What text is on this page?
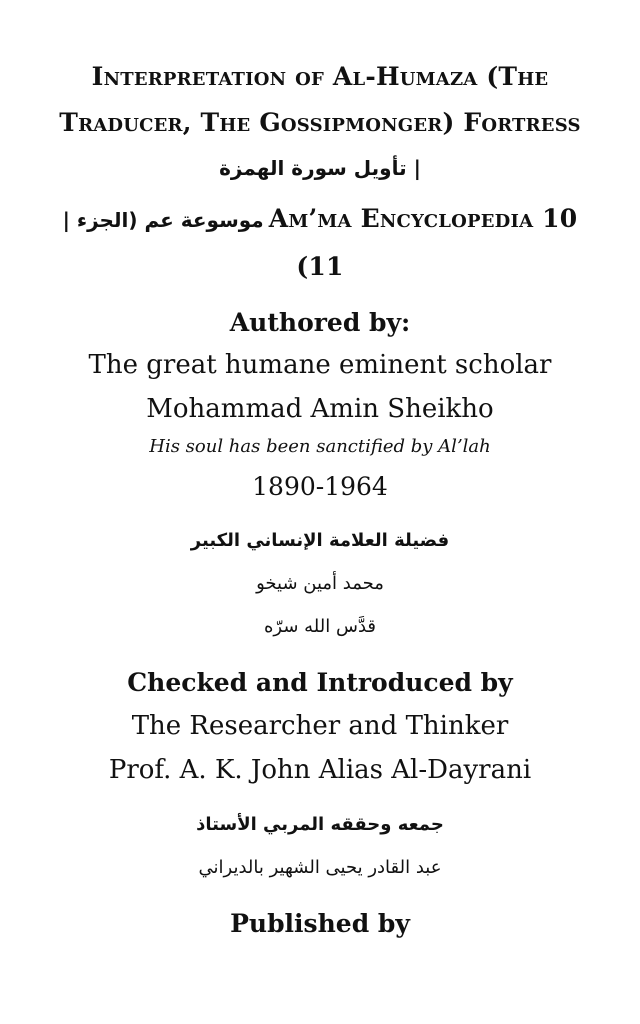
Interpretation of Al-Humaza (The
Traducer, The Gossipmonger) Fortress
| تأويل سورة الهمزة
موسوعة عم (الجزء | Am’ma Encyclopedia 10
(11
Authored by:
The great humane eminent scholar
Mohammad Amin Sheikho
His soul has been sanctified by Al’lah
1890-1964
فضيلة العلامة الإنساني الكبير
محمد أمين شيخو
قدَّس الله سرّه
Checked and Introduced by
The Researcher and Thinker
Prof. A. K. John Alias Al-Dayrani
جمعه وحققه المربي الأستاذ
عبد القادر يحيى الشهير بالديراني
Published by
